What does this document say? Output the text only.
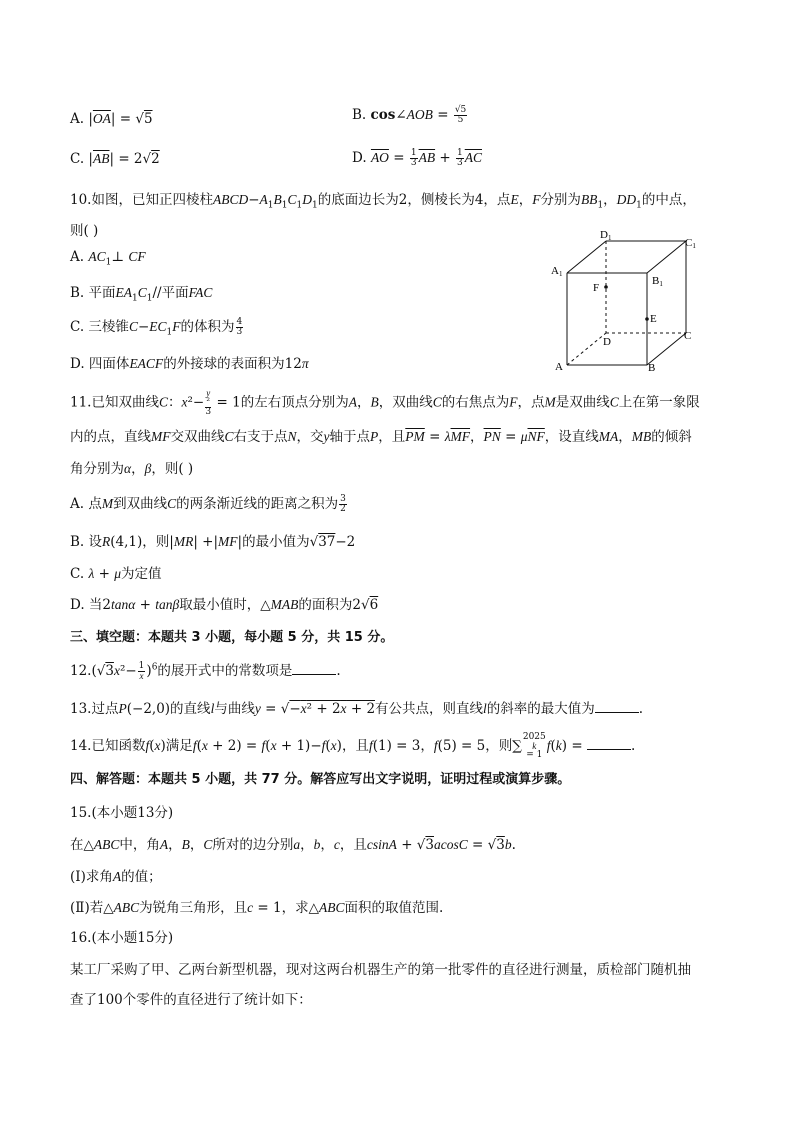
A. $|\overline{OA}| = √5$	B. cos∠AOB = $\frac{√5}{5}$
C. $|\overline{AB}| = 2√2$	D. $\overline{AO} = \frac{1}{3} \overline{AB} + \frac{1}{3} \overline{AC}$
10.如图，已知正四棱柱$ABCD-A_1B_1C_1D_1$的底面边长为2，侧棱长为4，点E，F分别为$BB_1$，$DD_1$的中点，
则( )
A. $AC_1\perp$ CF
B. 平面$EA_1C_1//$平面FAC
C. 三棱锥$C-EC_1F$的体积为 $\frac{4}{3}$
D. 四面体EACF的外接球的表面积为12π
D1	C1
A1
B1
F
E
D	C
A	B
11.已知双曲线C：x²− y
²
3 = 1的左右顶点分别为A，B，双曲线C的右焦点为F，点M是双曲线C上在第一象限
内的点，直线MF交双曲线C右支于点N，交y轴于点P，且$\overline{PM} = \lambda\overline{MF}$，$\overline{PN} = \mu\overline{NF}$，设直线MA，MB的倾斜
角分别为α，β，则( )
A. 点M到双曲线C的两条渐近线的距离之积为 $\frac{3}{2}$
B. 设R(4,1)，则|MR| +|MF|的最小值为√37−2
C. λ + μ为定值
D. 当2tanα + tanβ取最小值时，△MAB的面积为2√6
三、填空题：本题共 3 小题，每小题 5 分，共 15 分。
$12.(√3x^2- \frac{1}{x} )^6$的展开式中的常数项是	.
13.过点P(−2,0)的直线l与曲线y = √−x² + 2x + 2有公共点，则直线l的斜率的最大值为	.
14.已知函数f(x)满足f(x + 2) = f(x + 1)−f(x)，且f(1) = 3，f(5) = 5，则∑
2025
k
= 1
f(k) =	.
四、解答题：本题共 5 小题，共 77 分。解答应写出文字说明，证明过程或演算步骤。
15.(本小题13分)
在△ABC中，角A，B，C所对的边分别a，b，c，且csinA + √3acosC = √3b.
(Ⅰ)求角A的值；
(Ⅱ)若△ABC为锐角三角形，且c = 1，求△ABC面积的取值范围.
16.(本小题15分)
某工厂采购了甲、乙两台新型机器，现对这两台机器生产的第一批零件的直径进行测量，质检部门随机抽
查了100个零件的直径进行了统计如下：
